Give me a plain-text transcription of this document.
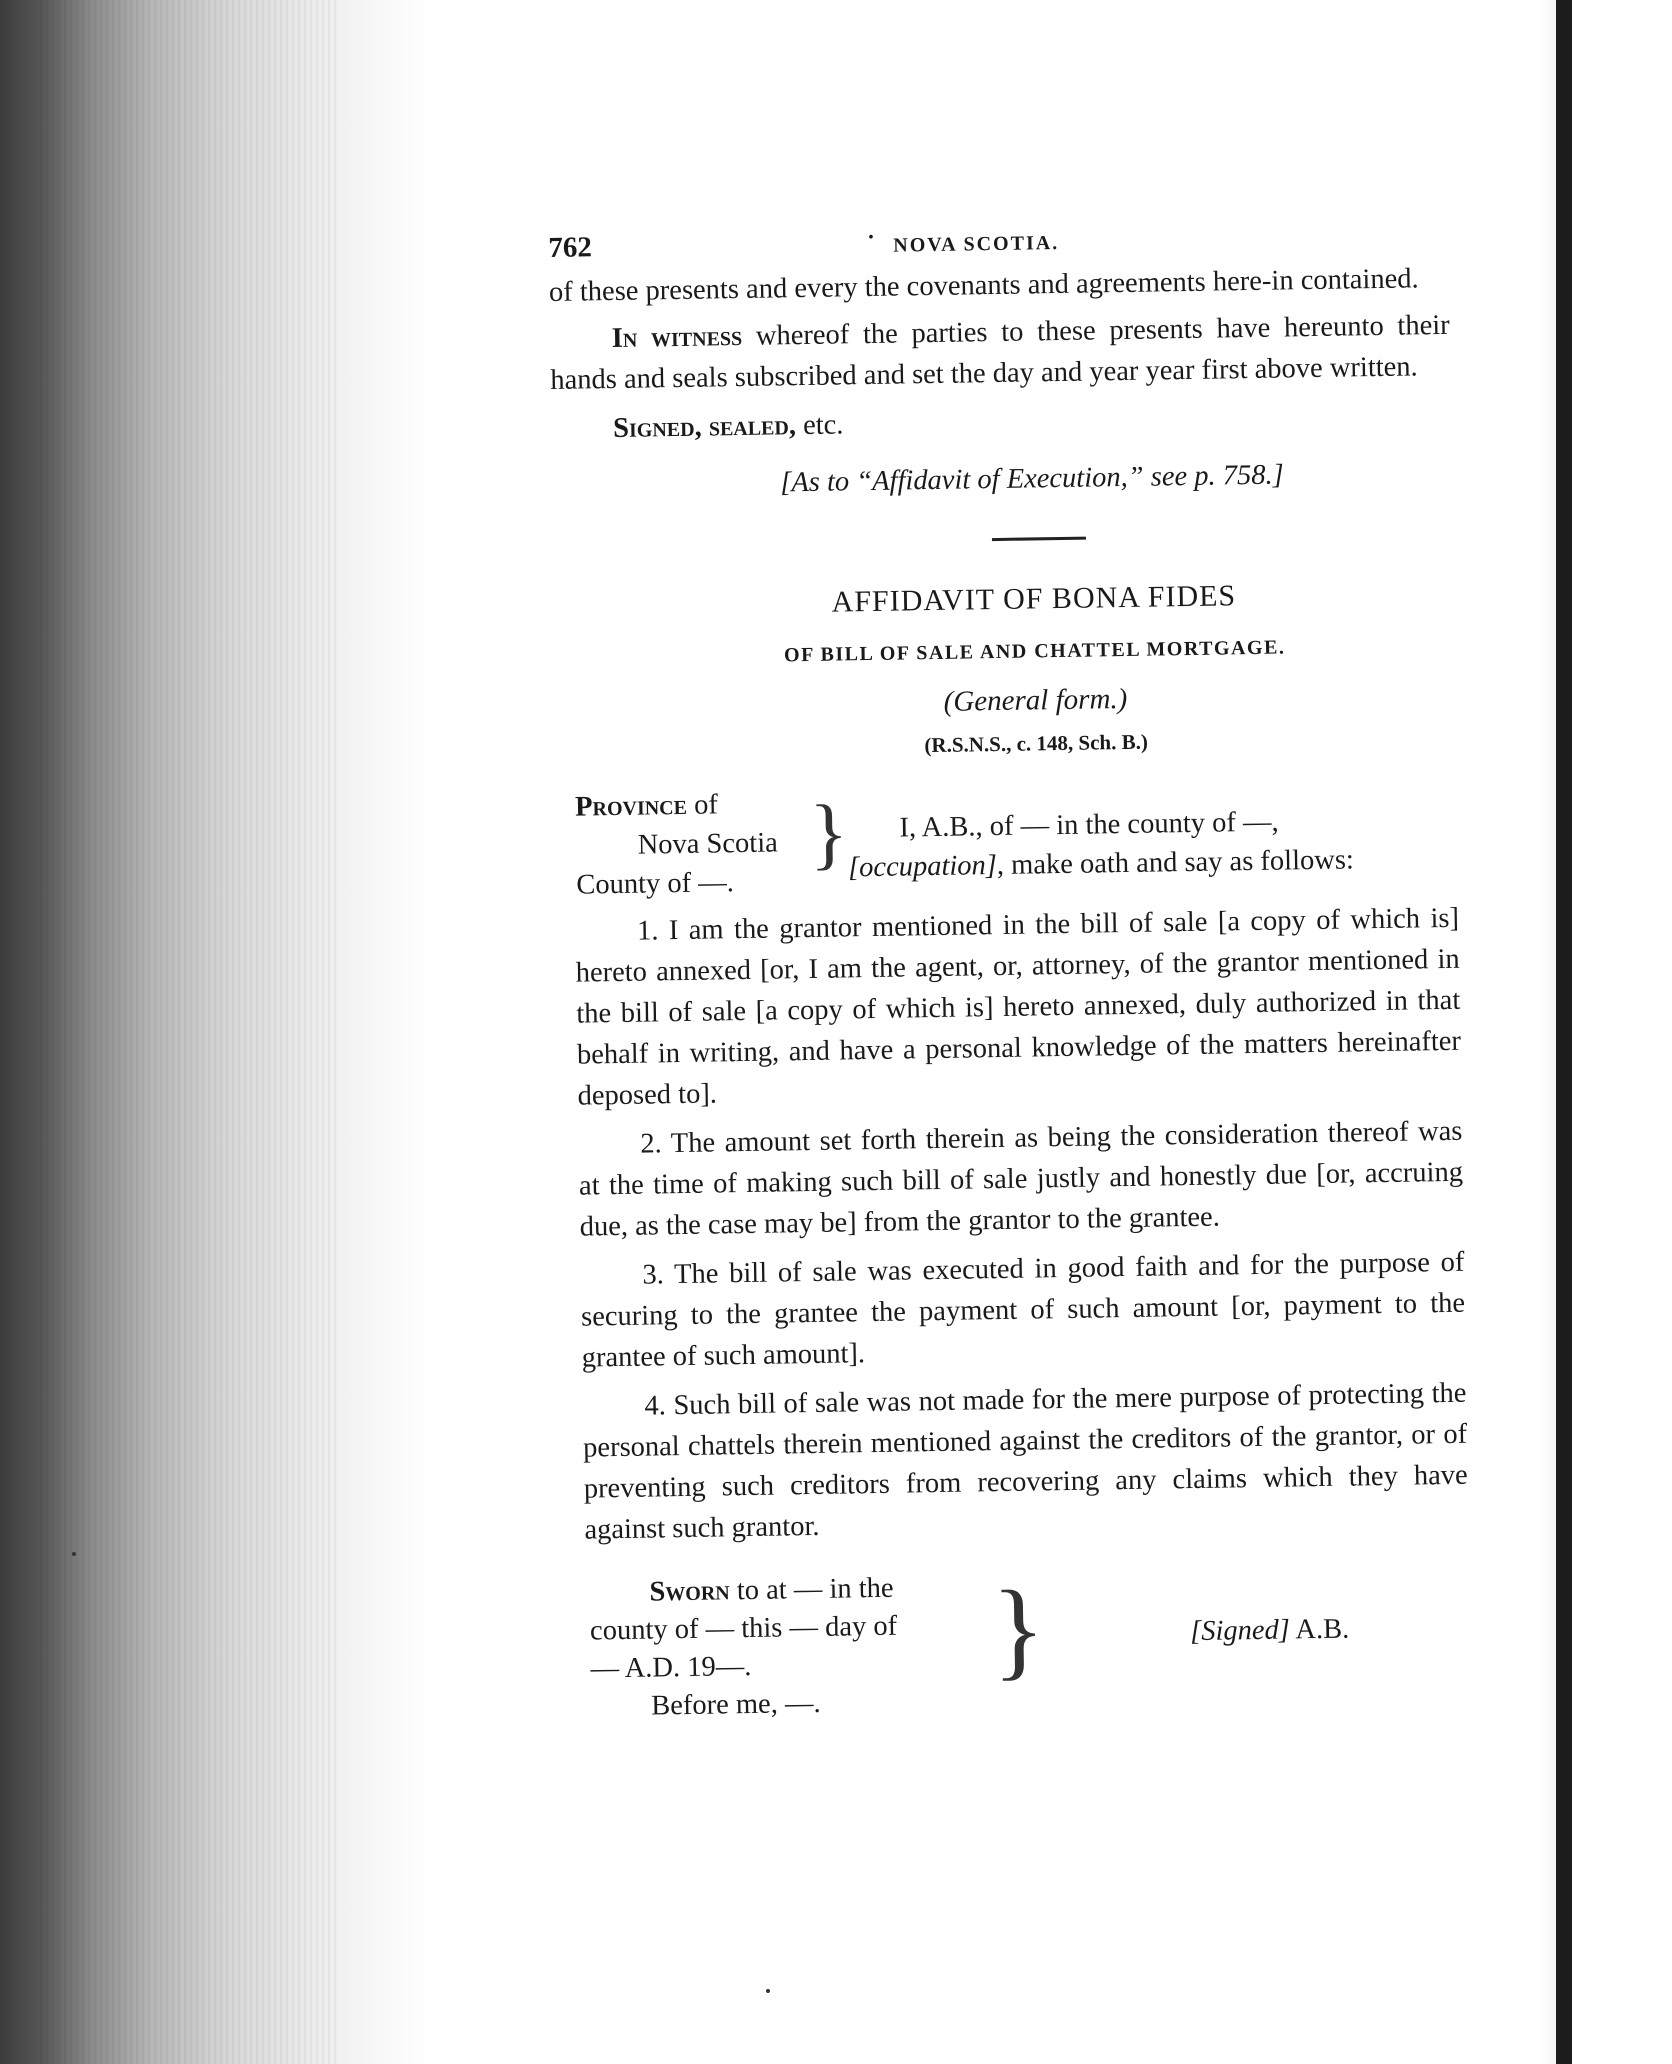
762	• NOVA SCOTIA.

of these presents and every the covenants and agreements here-in contained.

In witness whereof the parties to these presents have hereunto their hands and seals subscribed and set the day and year year first above written.

Signed, sealed, etc.

[As to “Affidavit of Execution,” see p. 758.]

AFFIDAVIT OF BONA FIDES
OF BILL OF SALE AND CHATTEL MORTGAGE.
(General form.)
(R.S.N.S., c. 148, Sch. B.)
Province of
Nova Scotia
County of —.
}	I, A.B., of — in the county of —,
[occupation], make oath and say as follows:

1. I am the grantor mentioned in the bill of sale [a copy of which is] hereto annexed [or, I am the agent, or, attorney, of the grantor mentioned in the bill of sale [a copy of which is] hereto annexed, duly authorized in that behalf in writing, and have a personal knowledge of the matters hereinafter deposed to].

2. The amount set forth therein as being the consideration thereof was at the time of making such bill of sale justly and honestly due [or, accruing due, as the case may be] from the grantor to the grantee.

3. The bill of sale was executed in good faith and for the purpose of securing to the grantee the payment of such amount [or, payment to the grantee of such amount].

4. Such bill of sale was not made for the mere purpose of protecting the personal chattels therein mentioned against the creditors of the grantor, or of preventing such creditors from recovering any claims which they have against such grantor.

Sworn to at — in the
county of — this — day of
— A.D. 19—.
Before me, —.
}	[Signed] A.B.
